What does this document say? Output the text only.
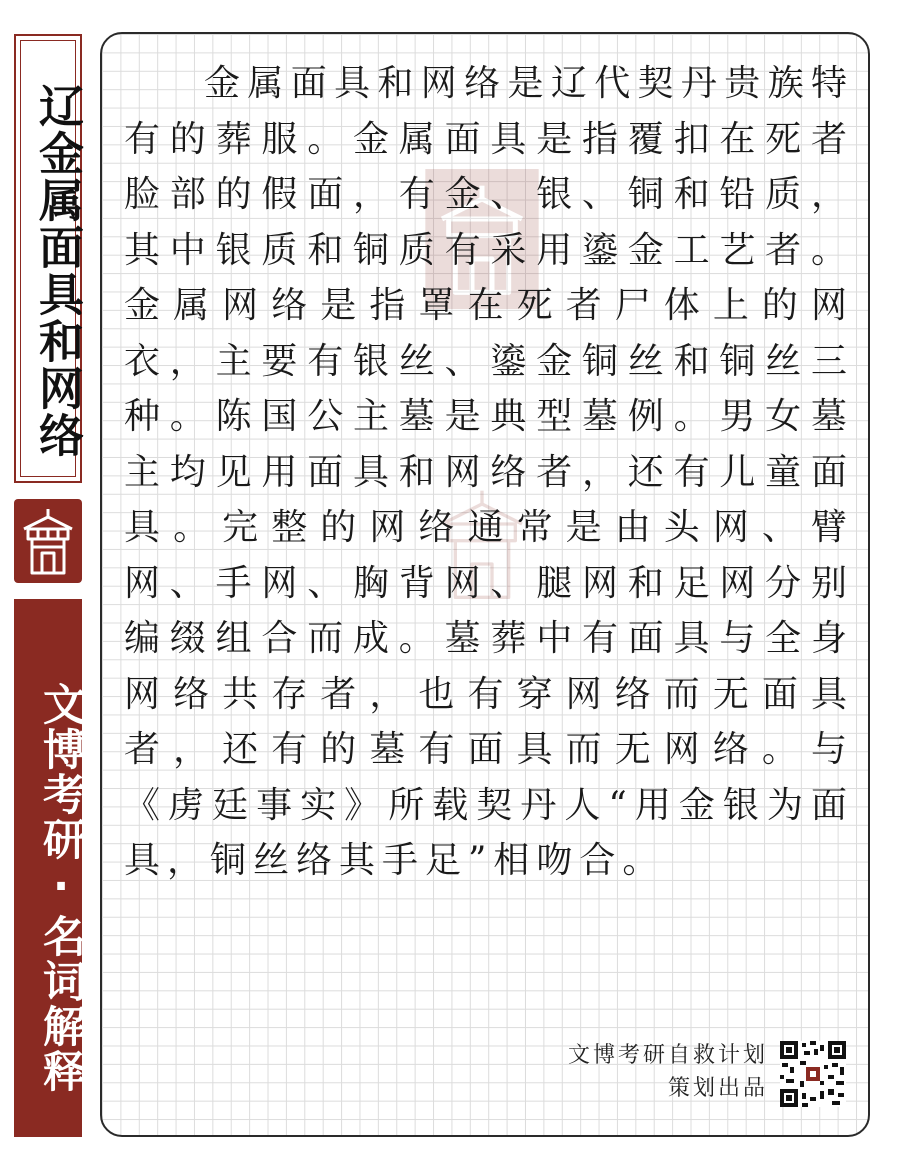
辽金属面具和网络
文博考研·名词解释

金属面具和网络是辽代契丹贵族特有的葬服。金属面具是指覆扣在死者脸部的假面，有金、银、铜和铅质，其中银质和铜质有采用鎏金工艺者。金属网络是指罩在死者尸体上的网衣，主要有银丝、鎏金铜丝和铜丝三种。陈国公主墓是典型墓例。男女墓主均见用面具和网络者，还有儿童面具。完整的网络通常是由头网、臂网、手网、胸背网、腿网和足网分别编缀组合而成。墓葬中有面具与全身网络共存者，也有穿网络而无面具者，还有的墓有面具而无网络。与《虏廷事实》所载契丹人“用金银为面具，铜丝络其手足”相吻合。

文博考研自救计划
策划出品
